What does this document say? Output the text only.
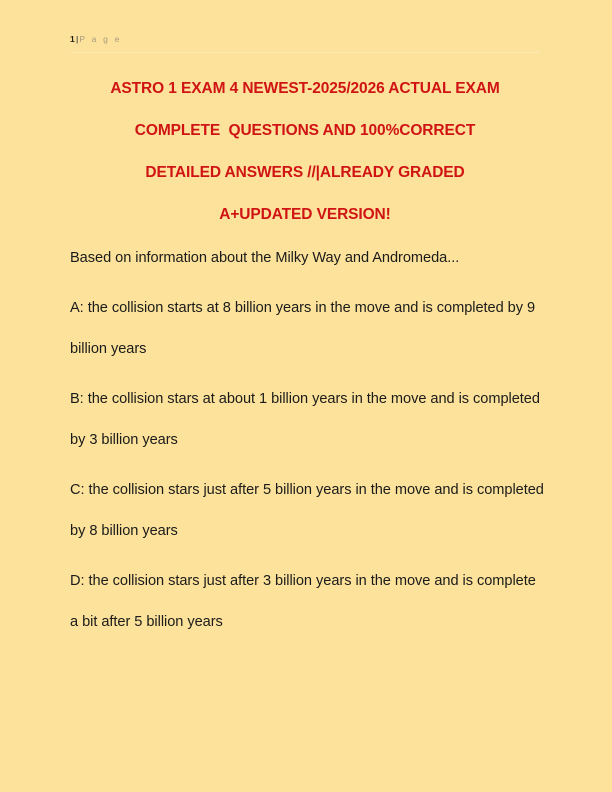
1|P a g e
ASTRO 1 EXAM 4 NEWEST-2025/2026 ACTUAL EXAM
COMPLETE  QUESTIONS AND 100%CORRECT
DETAILED ANSWERS //|ALREADY GRADED
A+UPDATED VERSION!

Based on information about the Milky Way and Andromeda...

A: the collision starts at 8 billion years in the move and is completed by 9 billion years

B: the collision stars at about 1 billion years in the move and is completed by 3 billion years

C: the collision stars just after 5 billion years in the move and is completed by 8 billion years

D: the collision stars just after 3 billion years in the move and is complete a bit after 5 billion years
